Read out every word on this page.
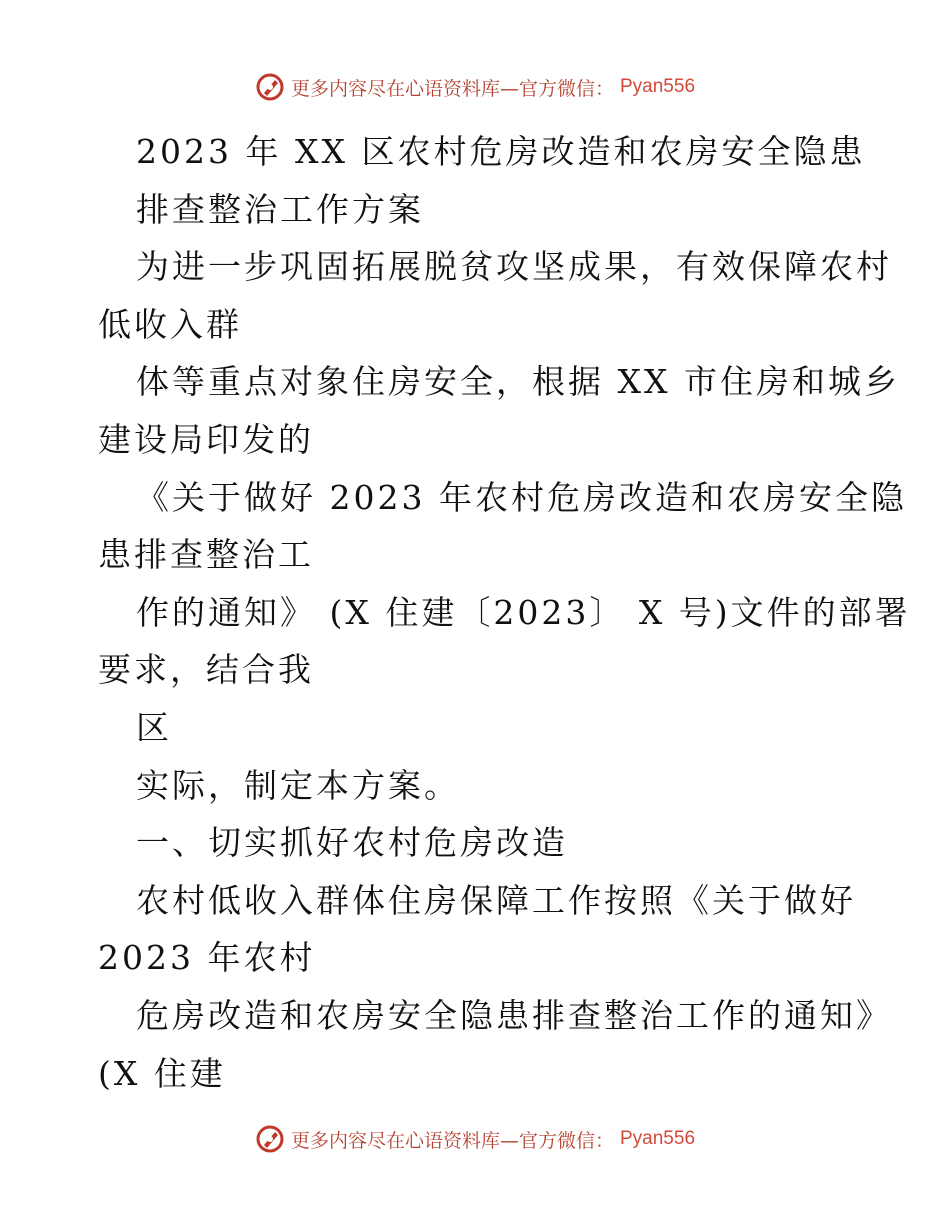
更多内容尽在心语资料库—官方微信： Pyan556
2023 年 XX 区农村危房改造和农房安全隐患
排查整治工作方案
为进一步巩固拓展脱贫攻坚成果，有效保障农村
低收入群
体等重点对象住房安全，根据 XX 市住房和城乡
建设局印发的
《关于做好 2023 年农村危房改造和农房安全隐
患排查整治工
作的通知》 (X 住建〔2023〕 X 号)文件的部署
要求，结合我
区
实际，制定本方案。
一、切实抓好农村危房改造
农村低收入群体住房保障工作按照《关于做好
2023 年农村
危房改造和农房安全隐患排查整治工作的通知》
(X 住建
更多内容尽在心语资料库—官方微信： Pyan556
